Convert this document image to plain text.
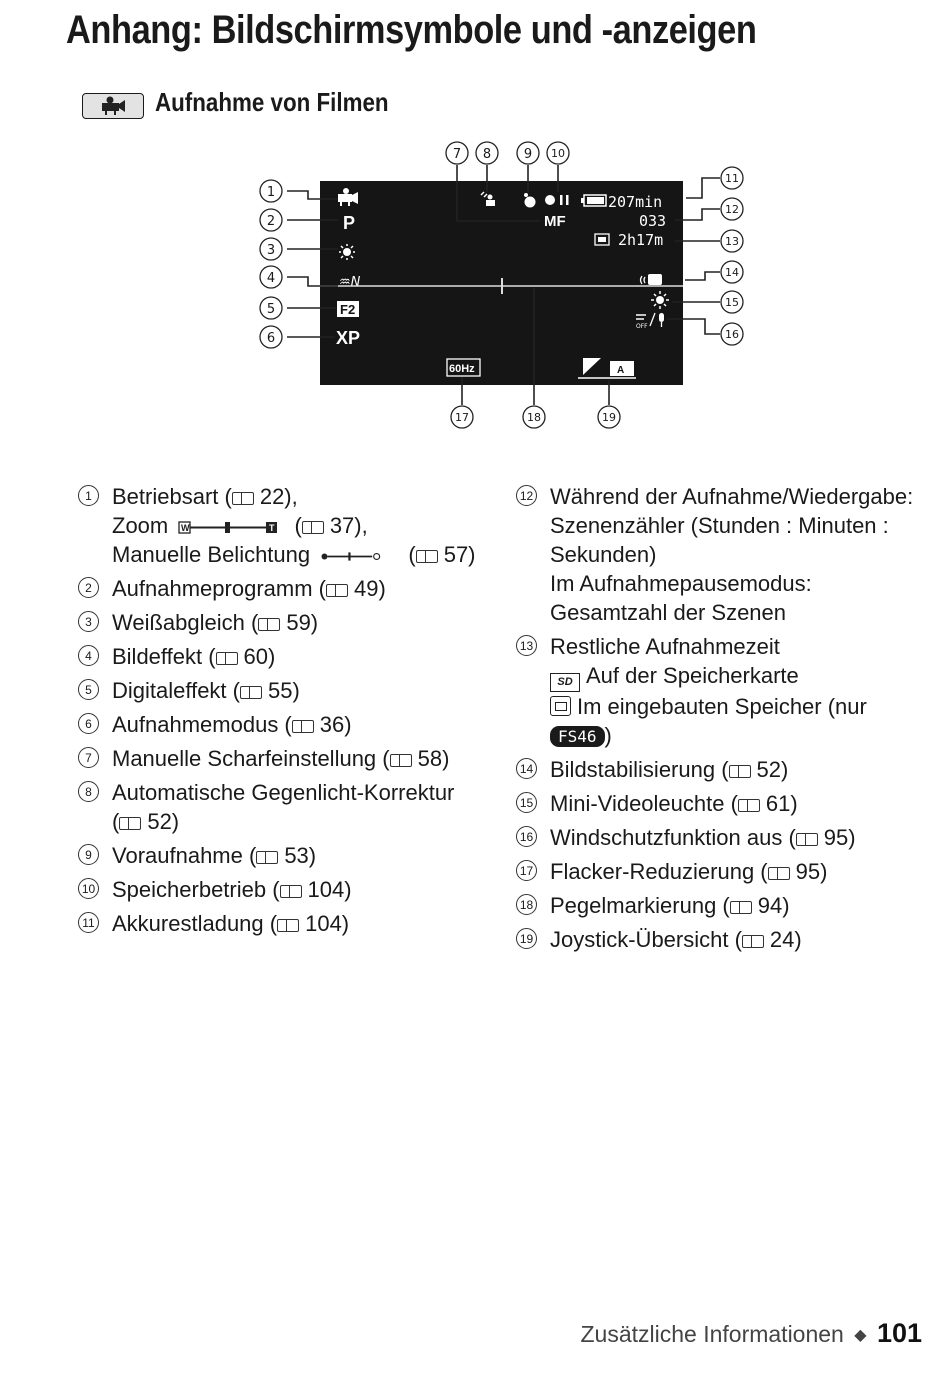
Anhang: Bildschirmsymbole und -anzeigen
Aufnahme von Filmen
P
♒N
F2
XP
207min
MF	033
2h17m
OFF
60Hz	A
1
2
3
4
5
6
7 8	9 10
11
12
13
14
15
16
17	18	19
1 Betriebsart ( 22),
Zoom W	T ( 37),
Manuelle Belichtung	( 57)
2 Aufnahmeprogramm ( 49)
3 Weißabgleich ( 59)
4 Bildeffekt ( 60)
5 Digitaleffekt ( 55)
6 Aufnahmemodus ( 36)
7 Manuelle Scharfeinstellung ( 58)
8 Automatische Gegenlicht-Korrektur
( 52)
9 Voraufnahme ( 53)
10 Speicherbetrieb ( 104)
11 Akkurestladung ( 104)
12 Während der Aufnahme/Wiedergabe:
Szenenzähler (Stunden : Minuten :
Sekunden)
Im Aufnahmepausemodus:
Gesamtzahl der Szenen
13 Restliche Aufnahmezeit
SD Auf der Speicherkarte
Im eingebauten Speicher (nur
FS46 )
14 Bildstabilisierung ( 52)
15 Mini-Videoleuchte ( 61)
16 Windschutzfunktion aus ( 95)
17 Flacker-Reduzierung ( 95)
18 Pegelmarkierung ( 94)
19 Joystick-Übersicht ( 24)
Zusätzliche Informationen ◆ 101
